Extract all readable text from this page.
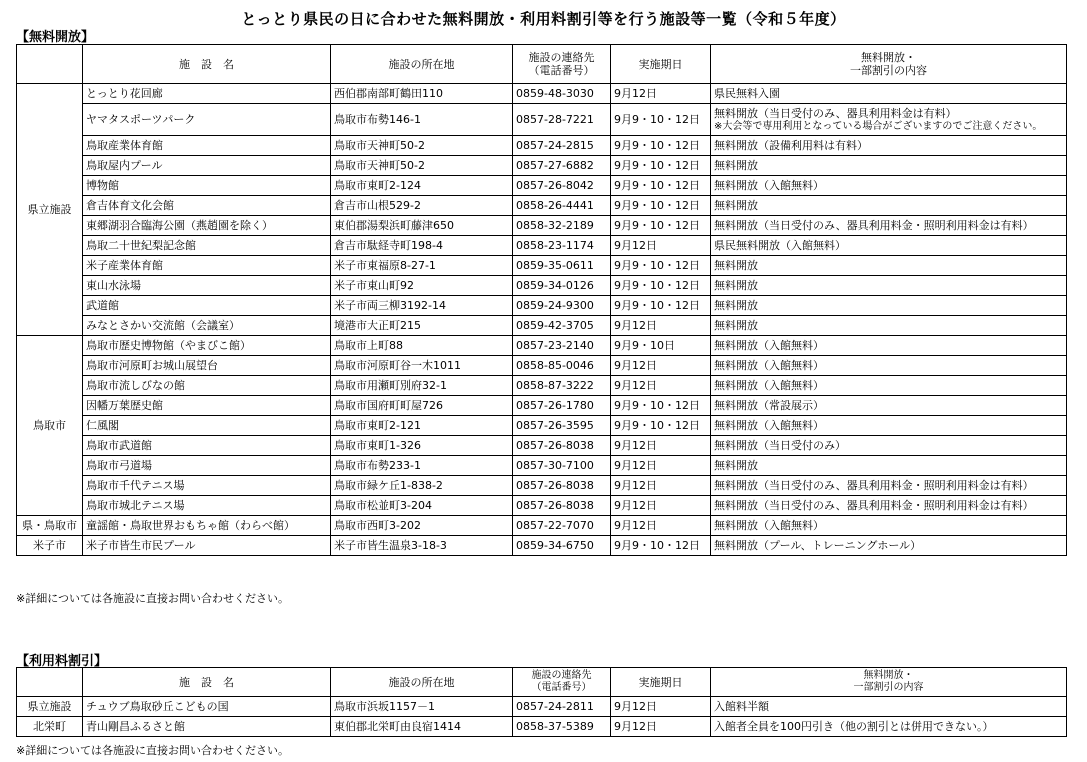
とっとり県民の日に合わせた無料開放・利用料割引等を行う施設等一覧（令和５年度）
【無料開放】
	施　設　名	施設の所在地	施設の連絡先
（電話番号）	実施期日	無料開放・
一部割引の内容
県立施設	とっとり花回廊	西伯郡南部町鶴田110	0859-48-3030	9月12日	県民無料入園
	ヤマタスポーツパーク	鳥取市布勢146-1	0857-28-7221	9月9・10・12日	無料開放（当日受付のみ、器具利用料金は有料）
※大会等で専用利用となっている場合がございますのでご注意ください。

	鳥取産業体育館	鳥取市天神町50-2	0857-24-2815	9月9・10・12日	無料開放（設備利用料は有料）
	鳥取屋内プール	鳥取市天神町50-2	0857-27-6882	9月9・10・12日	無料開放
	博物館	鳥取市東町2-124	0857-26-8042	9月9・10・12日	無料開放（入館無料）
	倉吉体育文化会館	倉吉市山根529-2	0858-26-4441	9月9・10・12日	無料開放
	東郷湖羽合臨海公園（燕趙園を除く）	東伯郡湯梨浜町藤津650	0858-32-2189	9月9・10・12日	無料開放（当日受付のみ、器具利用料金・照明利用料金は有料）
	鳥取二十世紀梨記念館	倉吉市駄経寺町198-4	0858-23-1174	9月12日	県民無料開放（入館無料）
	米子産業体育館	米子市東福原8-27-1	0859-35-0611	9月9・10・12日	無料開放
	東山水泳場	米子市東山町92	0859-34-0126	9月9・10・12日	無料開放
	武道館	米子市両三柳3192-14	0859-24-9300	9月9・10・12日	無料開放
	みなとさかい交流館（会議室）	境港市大正町215	0859-42-3705	9月12日	無料開放
鳥取市	鳥取市歴史博物館（やまびこ館）	鳥取市上町88	0857-23-2140	9月9・10日	無料開放（入館無料）
	鳥取市河原町お城山展望台	鳥取市河原町谷一木1011	0858-85-0046	9月12日	無料開放（入館無料）
	鳥取市流しびなの館	鳥取市用瀬町別府32-1	0858-87-3222	9月12日	無料開放（入館無料）
	因幡万葉歴史館	鳥取市国府町町屋726	0857-26-1780	9月9・10・12日	無料開放（常設展示）
	仁風閣	鳥取市東町2-121	0857-26-3595	9月9・10・12日	無料開放（入館無料）
	鳥取市武道館	鳥取市東町1-326	0857-26-8038	9月12日	無料開放（当日受付のみ）
	鳥取市弓道場	鳥取市布勢233-1	0857-30-7100	9月12日	無料開放
	鳥取市千代テニス場	鳥取市緑ケ丘1-838-2	0857-26-8038	9月12日	無料開放（当日受付のみ、器具利用料金・照明利用料金は有料）
	鳥取市城北テニス場	鳥取市松並町3-204	0857-26-8038	9月12日	無料開放（当日受付のみ、器具利用料金・照明利用料金は有料）
県・鳥取市	童謡館・鳥取世界おもちゃ館（わらべ館）	鳥取市西町3-202	0857-22-7070	9月12日	無料開放（入館無料）
米子市	米子市皆生市民プール	米子市皆生温泉3-18-3	0859-34-6750	9月9・10・12日	無料開放（プール、トレーニングホール）
※詳細については各施設に直接お問い合わせください。
【利用料割引】
	施　設　名	施設の所在地	施設の連絡先
（電話番号）	実施期日	無料開放・
一部割引の内容
県立施設	チュウブ鳥取砂丘こどもの国	鳥取市浜坂1157－1	0857-24-2811	9月12日	入館料半額
北栄町	青山剛昌ふるさと館	東伯郡北栄町由良宿1414	0858-37-5389	9月12日	入館者全員を100円引き（他の割引とは併用できない。）
※詳細については各施設に直接お問い合わせください。
